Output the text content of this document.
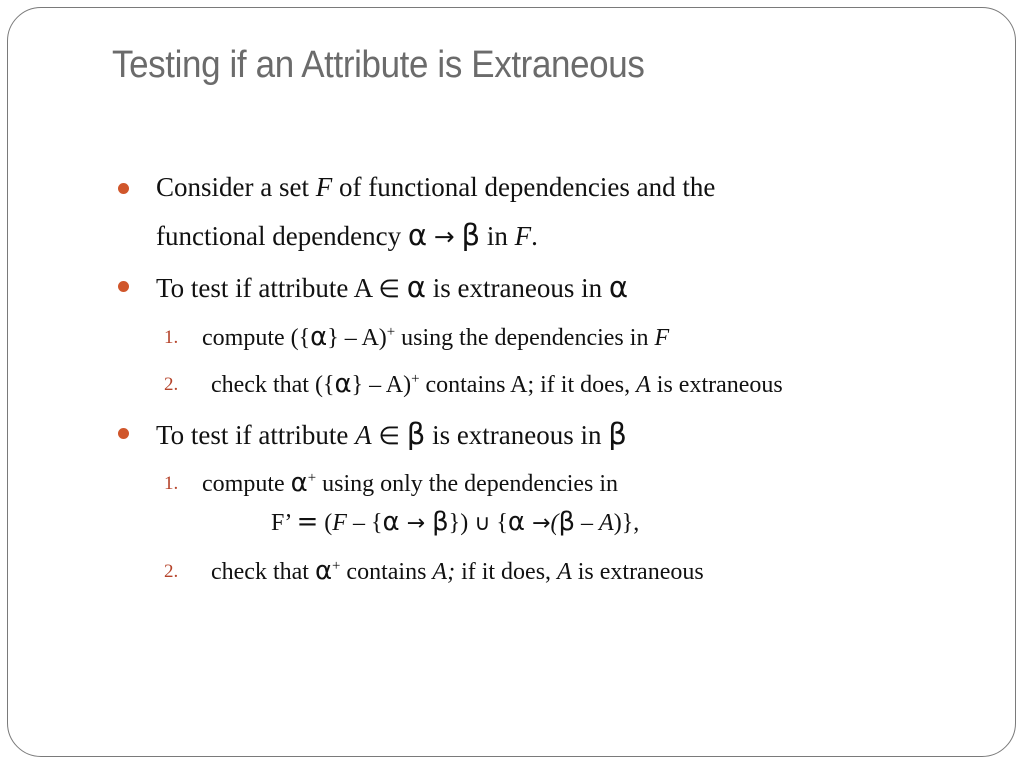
Testing if an Attribute is Extraneous
Consider a set F of functional dependencies and the
functional dependency α → β in F.
To test if attribute A ∈ α is extraneous in α
1. compute ({α} – A)+ using the dependencies in F
2. check that ({α} – A)+ contains A; if it does, A is extraneous
To test if attribute A ∈ β is extraneous in β
1. compute α+ using only the dependencies in
F’ = (F – {α → β}) ∪ {α →(β – A)},
2. check that α+ contains A; if it does, A is extraneous
